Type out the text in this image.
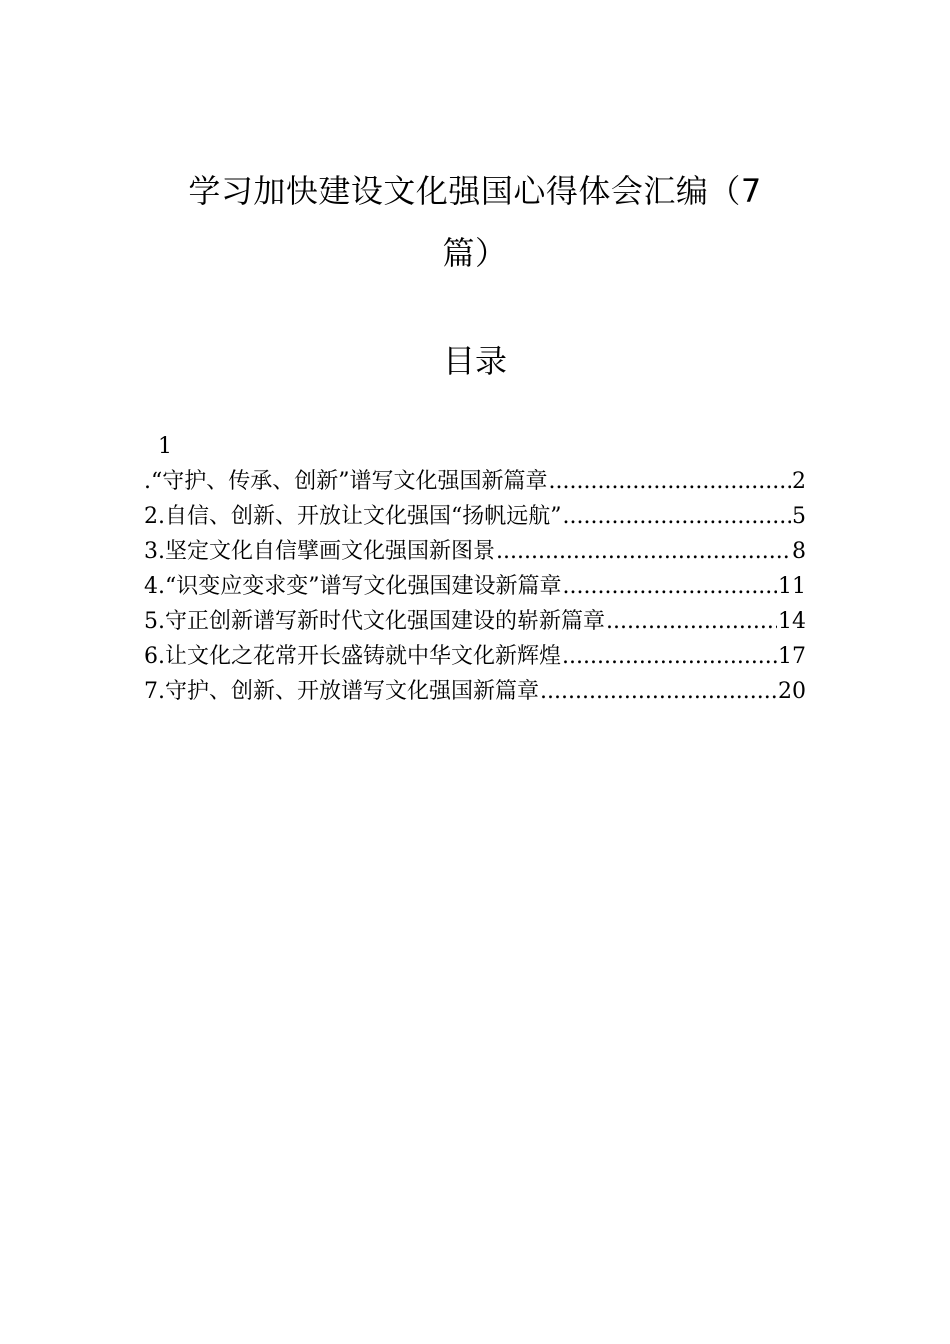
学习加快建设文化强国心得体会汇编（7
篇）
目录
1
.“守护、传承、创新”谱写文化强国新篇章 .....	2
2.自信、创新、开放让文化强国“扬帆远航” .....	5
3.坚定文化自信擘画文化强国新图景 .....	8
4.“识变应变求变”谱写文化强国建设新篇章 .....	11
5.守正创新谱写新时代文化强国建设的崭新篇章 .....	14
6.让文化之花常开长盛铸就中华文化新辉煌 .....	17
7.守护、创新、开放谱写文化强国新篇章 .....	20
